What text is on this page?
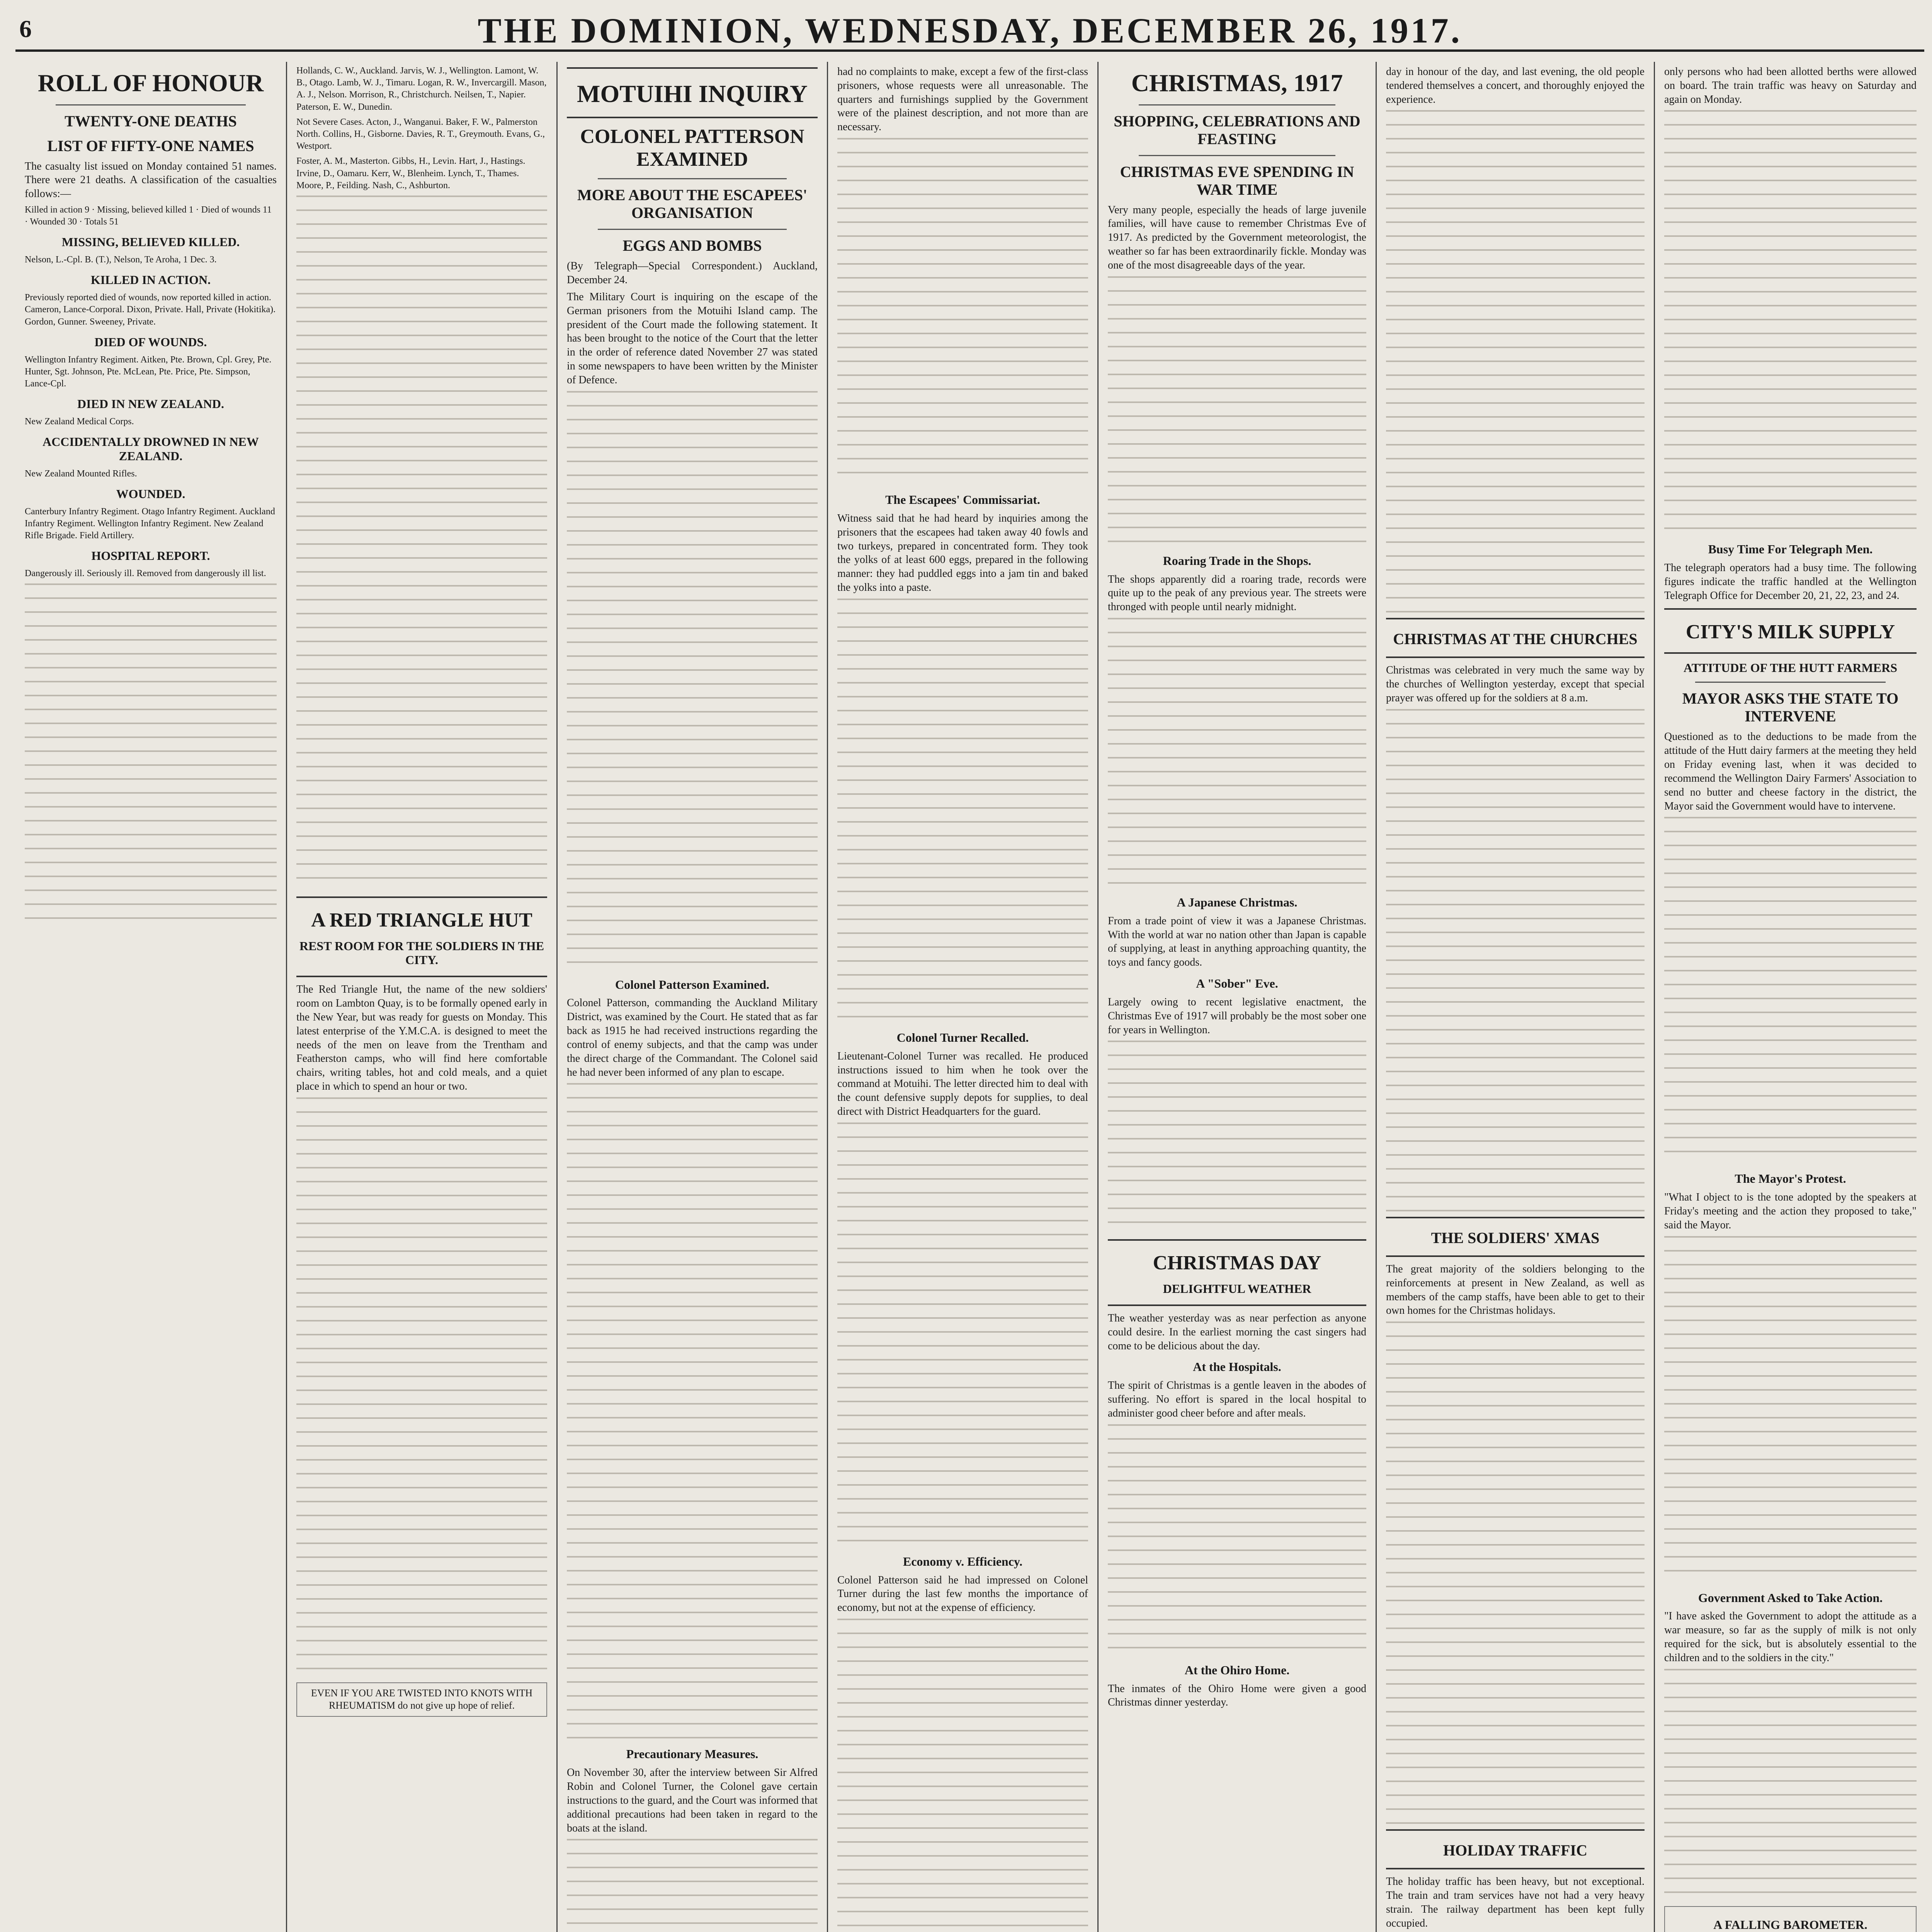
6	THE DOMINION, WEDNESDAY, DECEMBER 26, 1917.
ROLL OF HONOUR
TWENTY-ONE DEATHS
LIST OF FIFTY-ONE NAMES

The casualty list issued on Monday contained 51 names. There were 21 deaths. A classification of the casualties follows:—

Killed in action 9 · Missing, believed killed 1 · Died of wounds 11 · Wounded 30 · Totals 51

MISSING, BELIEVED KILLED.

Nelson, L.-Cpl. B. (T.), Nelson, Te Aroha, 1 Dec. 3.

KILLED IN ACTION.

Previously reported died of wounds, now reported killed in action. Cameron, Lance-Corporal. Dixon, Private. Hall, Private (Hokitika). Gordon, Gunner. Sweeney, Private.

DIED OF WOUNDS.

Wellington Infantry Regiment. Aitken, Pte. Brown, Cpl. Grey, Pte. Hunter, Sgt. Johnson, Pte. McLean, Pte. Price, Pte. Simpson, Lance-Cpl.

DIED IN NEW ZEALAND.

New Zealand Medical Corps.

ACCIDENTALLY DROWNED IN NEW ZEALAND.

New Zealand Mounted Rifles.

WOUNDED.

Canterbury Infantry Regiment. Otago Infantry Regiment. Auckland Infantry Regiment. Wellington Infantry Regiment. New Zealand Rifle Brigade. Field Artillery.

HOSPITAL REPORT.

Dangerously ill. Seriously ill. Removed from dangerously ill list.

Hollands, C. W., Auckland. Jarvis, W. J., Wellington. Lamont, W. B., Otago. Lamb, W. J., Timaru. Logan, R. W., Invercargill. Mason, A. J., Nelson. Morrison, R., Christchurch. Neilsen, T., Napier. Paterson, E. W., Dunedin.

Not Severe Cases. Acton, J., Wanganui. Baker, F. W., Palmerston North. Collins, H., Gisborne. Davies, R. T., Greymouth. Evans, G., Westport.

Foster, A. M., Masterton. Gibbs, H., Levin. Hart, J., Hastings. Irvine, D., Oamaru. Kerr, W., Blenheim. Lynch, T., Thames. Moore, P., Feilding. Nash, C., Ashburton.

A RED TRIANGLE HUT
REST ROOM FOR THE SOLDIERS IN THE CITY.

The Red Triangle Hut, the name of the new soldiers' room on Lambton Quay, is to be formally opened early in the New Year, but was ready for guests on Monday. This latest enterprise of the Y.M.C.A. is designed to meet the needs of the men on leave from the Trentham and Featherston camps, who will find here comfortable chairs, writing tables, hot and cold meals, and a quiet place in which to spend an hour or two.

EVEN IF YOU ARE TWISTED INTO KNOTS WITH RHEUMATISM do not give up hope of relief.
MOTUIHI INQUIRY
COLONEL PATTERSON EXAMINED
MORE ABOUT THE ESCAPEES' ORGANISATION
EGGS AND BOMBS

(By Telegraph—Special Correspondent.) Auckland, December 24.

The Military Court is inquiring on the escape of the German prisoners from the Motuihi Island camp. The president of the Court made the following statement. It has been brought to the notice of the Court that the letter in the order of reference dated November 27 was stated in some newspapers to have been written by the Minister of Defence.

Colonel Patterson Examined.

Colonel Patterson, commanding the Auckland Military District, was examined by the Court. He stated that as far back as 1915 he had received instructions regarding the control of enemy subjects, and that the camp was under the direct charge of the Commandant. The Colonel said he had never been informed of any plan to escape.

Precautionary Measures.

On November 30, after the interview between Sir Alfred Robin and Colonel Turner, the Colonel gave certain instructions to the guard, and the Court was informed that additional precautions had been taken in regard to the boats at the island.

had no complaints to make, except a few of the first-class prisoners, whose requests were all unreasonable. The quarters and furnishings supplied by the Government were of the plainest description, and not more than are necessary.

The Escapees' Commissariat.

Witness said that he had heard by inquiries among the prisoners that the escapees had taken away 40 fowls and two turkeys, prepared in concentrated form. They took the yolks of at least 600 eggs, prepared in the following manner: they had puddled eggs into a jam tin and baked the yolks into a paste.

Colonel Turner Recalled.

Lieutenant-Colonel Turner was recalled. He produced instructions issued to him when he took over the command at Motuihi. The letter directed him to deal with the count defensive supply depots for supplies, to deal direct with District Headquarters for the guard.

Economy v. Efficiency.

Colonel Patterson said he had impressed on Colonel Turner during the last few months the importance of economy, but not at the expense of efficiency.

CHRISTMAS, 1917
SHOPPING, CELEBRATIONS AND FEASTING
CHRISTMAS EVE SPENDING IN WAR TIME

Very many people, especially the heads of large juvenile families, will have cause to remember Christmas Eve of 1917. As predicted by the Government meteorologist, the weather so far has been extraordinarily fickle. Monday was one of the most disagreeable days of the year.

Roaring Trade in the Shops.

The shops apparently did a roaring trade, records were quite up to the peak of any previous year. The streets were thronged with people until nearly midnight.

A Japanese Christmas.

From a trade point of view it was a Japanese Christmas. With the world at war no nation other than Japan is capable of supplying, at least in anything approaching quantity, the toys and fancy goods.

A "Sober" Eve.

Largely owing to recent legislative enactment, the Christmas Eve of 1917 will probably be the most sober one for years in Wellington.

CHRISTMAS DAY
DELIGHTFUL WEATHER

The weather yesterday was as near perfection as anyone could desire. In the earliest morning the cast singers had come to be delicious about the day.

At the Hospitals.

The spirit of Christmas is a gentle leaven in the abodes of suffering. No effort is spared in the local hospital to administer good cheer before and after meals.

At the Ohiro Home.

The inmates of the Ohiro Home were given a good Christmas dinner yesterday.

day in honour of the day, and last evening, the old people tendered themselves a concert, and thoroughly enjoyed the experience.

CHRISTMAS AT THE CHURCHES

Christmas was celebrated in very much the same way by the churches of Wellington yesterday, except that special prayer was offered up for the soldiers at 8 a.m.

THE SOLDIERS' XMAS

The great majority of the soldiers belonging to the reinforcements at present in New Zealand, as well as members of the camp staffs, have been able to get to their own homes for the Christmas holidays.

HOLIDAY TRAFFIC

The holiday traffic has been heavy, but not exceptional. The train and tram services have not had a very heavy strain. The railway department has been kept fully occupied.

only persons who had been allotted berths were allowed on board. The train traffic was heavy on Saturday and again on Monday.

Busy Time For Telegraph Men.

The telegraph operators had a busy time. The following figures indicate the traffic handled at the Wellington Telegraph Office for December 20, 21, 22, 23, and 24.

CITY'S MILK SUPPLY
ATTITUDE OF THE HUTT FARMERS
MAYOR ASKS THE STATE TO INTERVENE

Questioned as to the deductions to be made from the attitude of the Hutt dairy farmers at the meeting they held on Friday evening last, when it was decided to recommend the Wellington Dairy Farmers' Association to send no butter and cheese factory in the district, the Mayor said the Government would have to intervene.

The Mayor's Protest.

"What I object to is the tone adopted by the speakers at Friday's meeting and the action they proposed to take," said the Mayor.

Government Asked to Take Action.

"I have asked the Government to adopt the attitude as a war measure, so far as the supply of milk is not only required for the sick, but is absolutely essential to the children and to the soldiers in the city."

A FALLING BAROMETER.
